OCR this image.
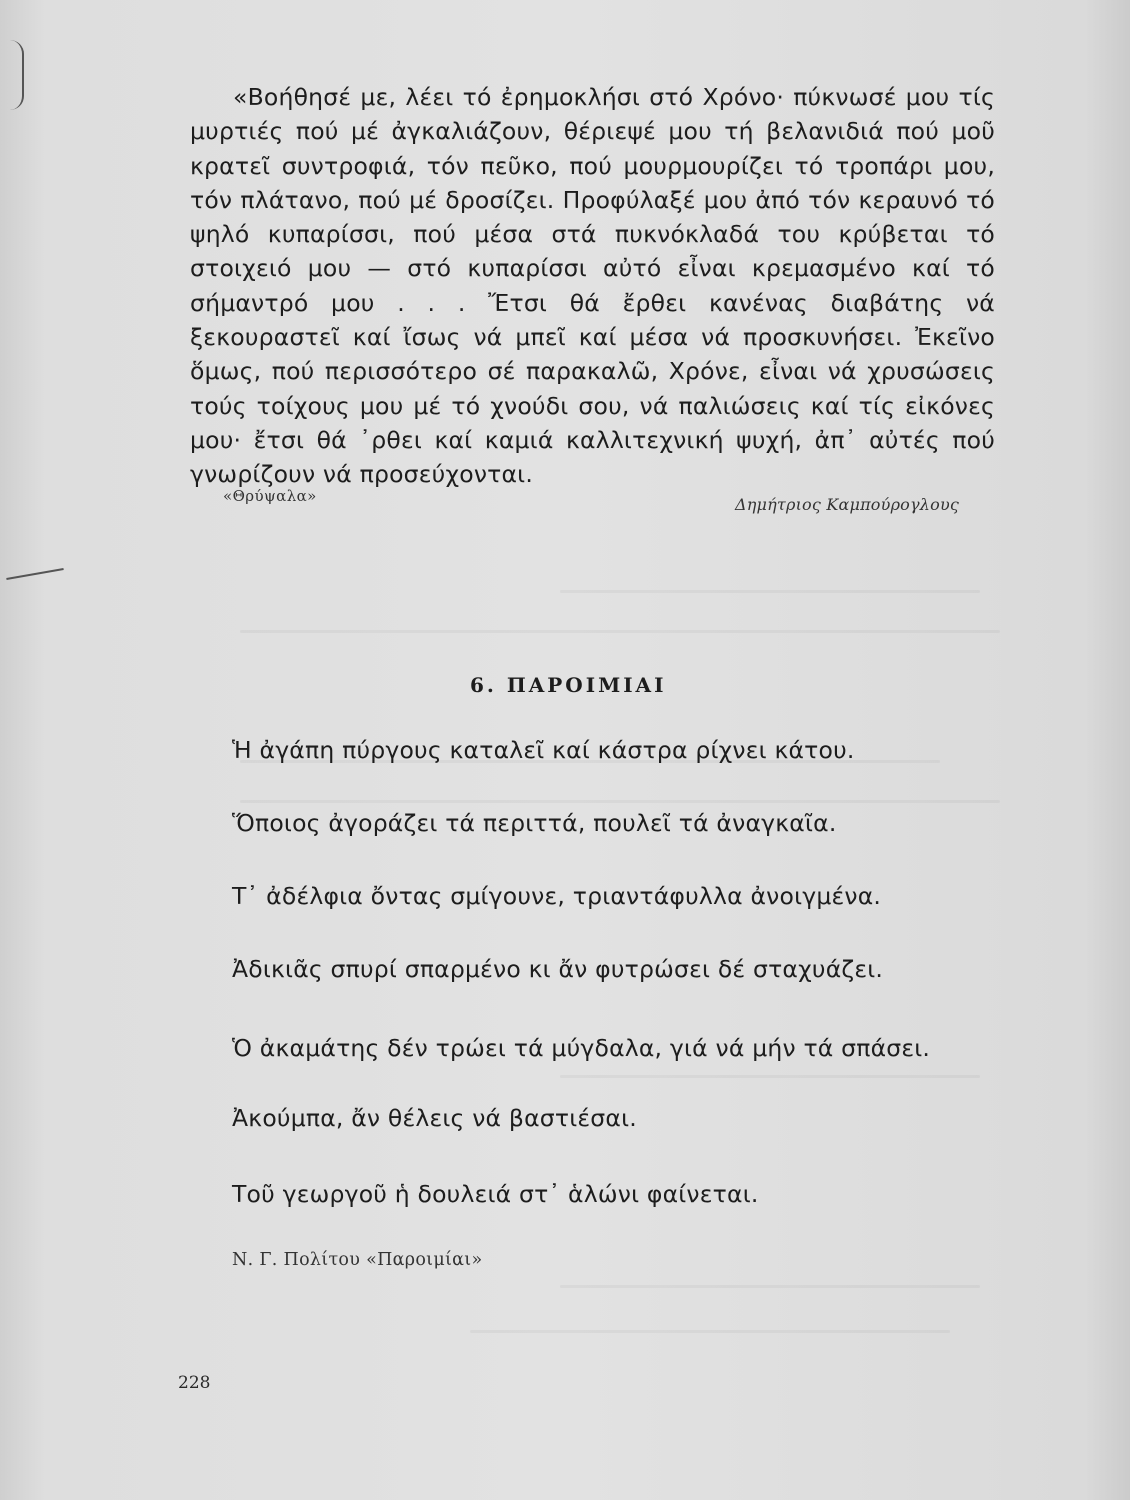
«Βοήθησέ με, λέει τό ἐρημοκλήσι στό Χρόνο· πύκνωσέ μου τίς μυρτιές πού μέ ἀγκαλιάζουν, θέριεψέ μου τή βελανιδιά πού μοῦ κρατεῖ συντροφιά, τόν πεῦκο, πού μουρμουρίζει τό τροπάρι μου, τόν πλάτανο, πού μέ δροσίζει. Προφύλαξέ μου ἀπό τόν κεραυνό τό ψηλό κυπαρίσσι, πού μέσα στά πυκνόκλαδά του κρύβεται τό στοιχειό μου — στό κυπαρίσσι αὐτό εἶναι κρεμασμένο καί τό σήμαντρό μου . . . Ἔτσι θά ἔρθει κανένας διαβάτης νά ξεκουραστεῖ καί ἴσως νά μπεῖ καί μέσα νά προσκυνήσει. Ἐκεῖνο ὅμως, πού περισσότερο σέ παρακαλῶ, Χρόνε, εἶναι νά χρυσώσεις τούς τοίχους μου μέ τό χνούδι σου, νά παλιώσεις καί τίς εἰκόνες μου· ἔτσι θά ᾽ρθει καί καμιά καλλιτεχνική ψυχή, ἀπ᾽ αὐτές πού γνωρίζουν νά προσεύχονται.

«Θρύψαλα»	Δημήτριος Καμπούρογλους
6. ΠΑΡΟΙΜΙΑΙ

Ἡ ἀγάπη πύργους καταλεῖ καί κάστρα ρίχνει κάτου.

Ὅποιος ἀγοράζει τά περιττά, πουλεῖ τά ἀναγκαῖα.

Τ᾽ ἀδέλφια ὄντας σμίγουνε, τριαντάφυλλα ἀνοιγμένα.

Ἀδικιᾶς σπυρί σπαρμένο κι ἄν φυτρώσει δέ σταχυάζει.

Ὁ ἀκαμάτης δέν τρώει τά μύγδαλα, γιά νά μήν τά σπάσει.

Ἀκούμπα, ἄν θέλεις νά βαστιέσαι.

Τοῦ γεωργοῦ ἡ δουλειά στ᾽ ἁλώνι φαίνεται.

Ν. Γ. Πολίτου «Παροιμίαι»
228
